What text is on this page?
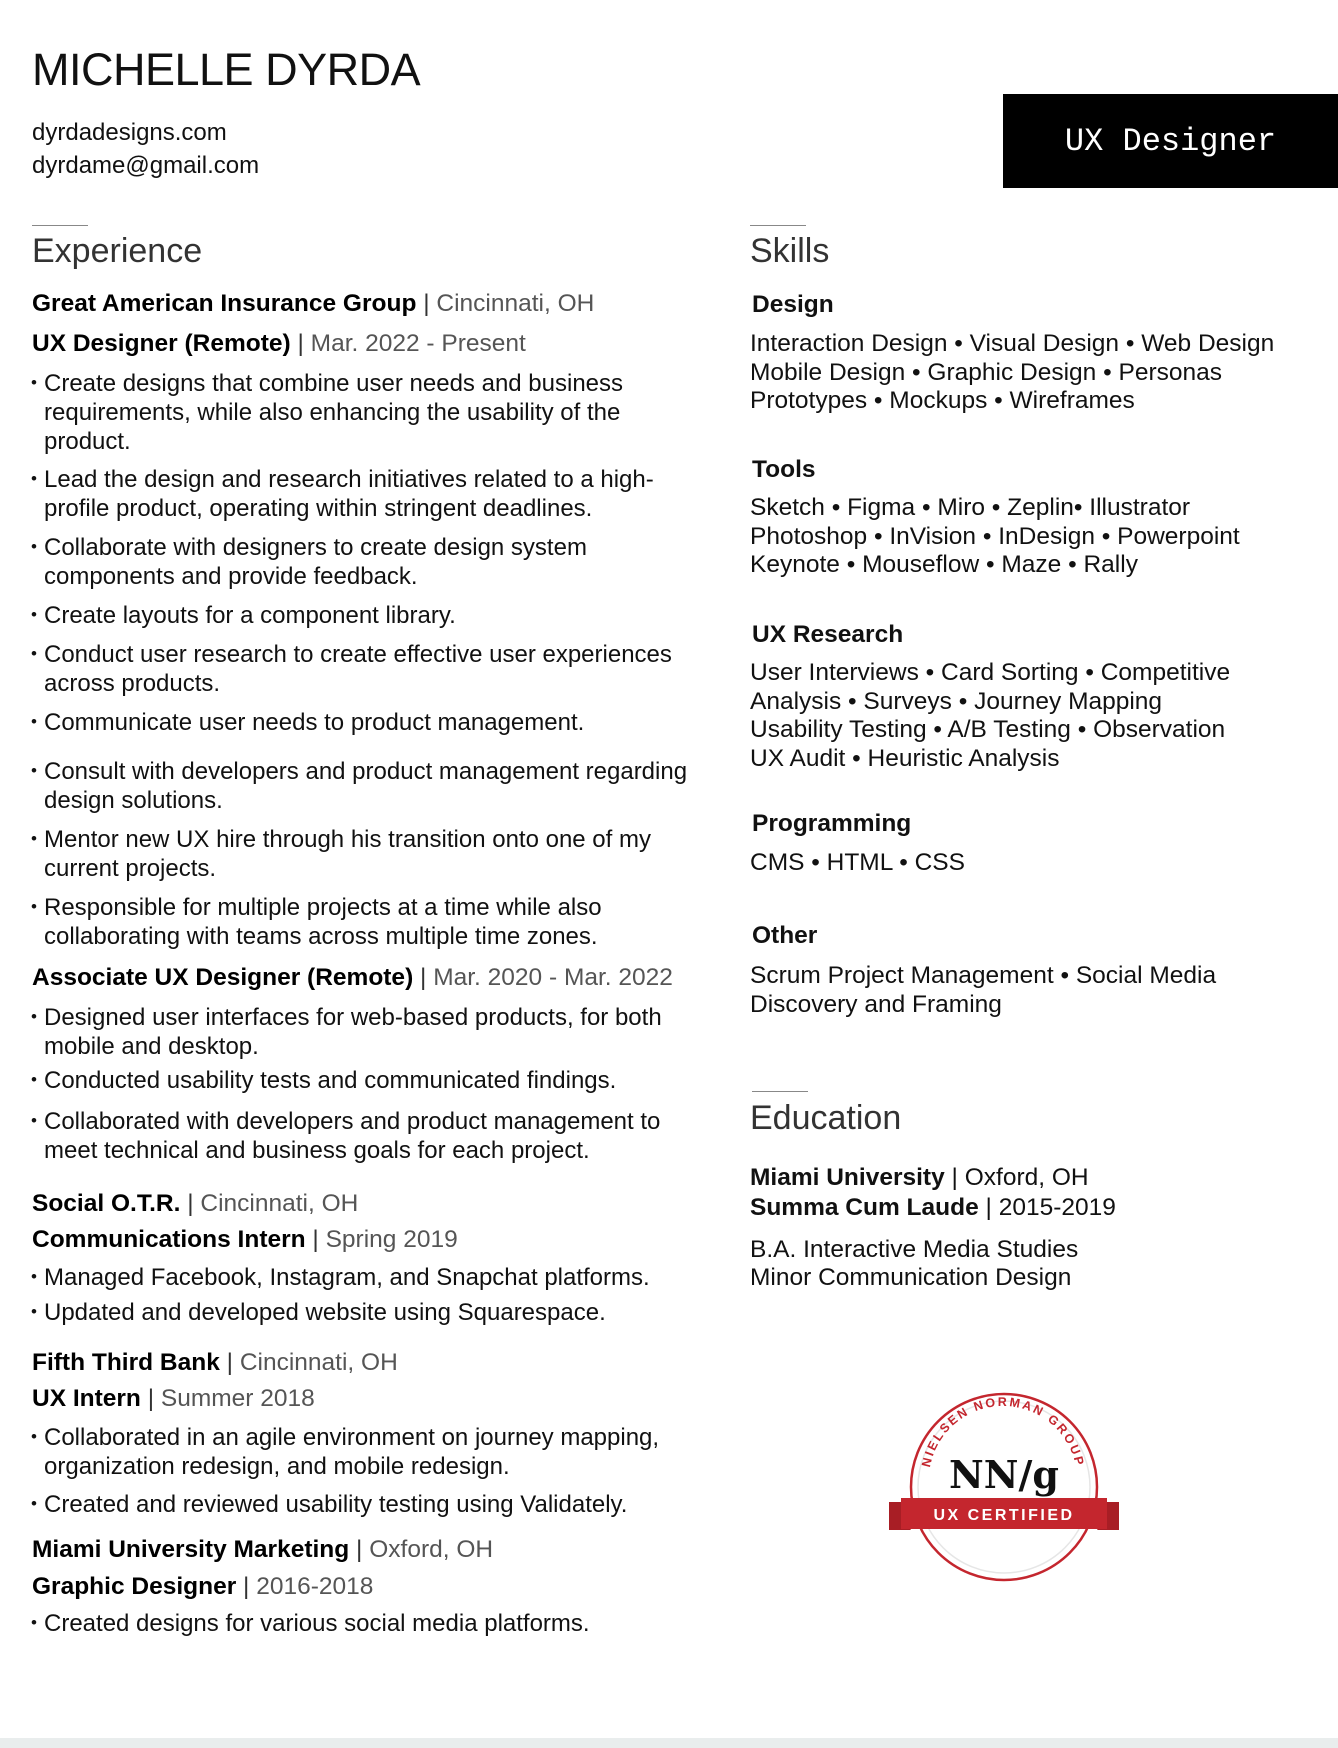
MICHELLE DYRDA
dyrdadesigns.com
dyrdame@gmail.com
UX Designer
Experience
Great American Insurance Group | Cincinnati, OH
UX Designer (Remote) | Mar. 2022 - Present
• Create designs that combine user needs and business requirements, while also enhancing the usability of the product.
• Lead the design and research initiatives related to a high-profile product, operating within stringent deadlines.
• Collaborate with designers to create design system components and provide feedback.
• Create layouts for a component library.
• Conduct user research to create effective user experiences across products.
• Communicate user needs to product management.
• Consult with developers and product management regarding design solutions.
• Mentor new UX hire through his transition onto one of my current projects.
• Responsible for multiple projects at a time while also collaborating with teams across multiple time zones.
Associate UX Designer (Remote) | Mar. 2020 - Mar. 2022
• Designed user interfaces for web-based products, for both mobile and desktop.
• Conducted usability tests and communicated findings.
• Collaborated with developers and product management to meet technical and business goals for each project.
Social O.T.R. | Cincinnati, OH
Communications Intern | Spring 2019
• Managed Facebook, Instagram, and Snapchat platforms.
• Updated and developed website using Squarespace.
Fifth Third Bank | Cincinnati, OH
UX Intern | Summer 2018
• Collaborated in an agile environment on journey mapping, organization redesign, and mobile redesign.
• Created and reviewed usability testing using Validately.
Miami University Marketing | Oxford, OH
Graphic Designer | 2016-2018
• Created designs for various social media platforms.
Skills
Design
Interaction Design • Visual Design • Web Design
Mobile Design • Graphic Design • Personas
Prototypes • Mockups • Wireframes
Tools
Sketch • Figma • Miro • Zeplin• Illustrator
Photoshop • InVision • InDesign • Powerpoint
Keynote • Mouseflow • Maze • Rally
UX Research
User Interviews • Card Sorting • Competitive
Analysis • Surveys • Journey Mapping
Usability Testing • A/B Testing • Observation
UX Audit • Heuristic Analysis
Programming
CMS • HTML • CSS
Other
Scrum Project Management • Social Media
Discovery and Framing
Education
Miami University | Oxford, OH
Summa Cum Laude | 2015-2019
B.A. Interactive Media Studies
Minor Communication Design
NIELSEN NORMAN GROUP
NN/g
UX CERTIFIED
